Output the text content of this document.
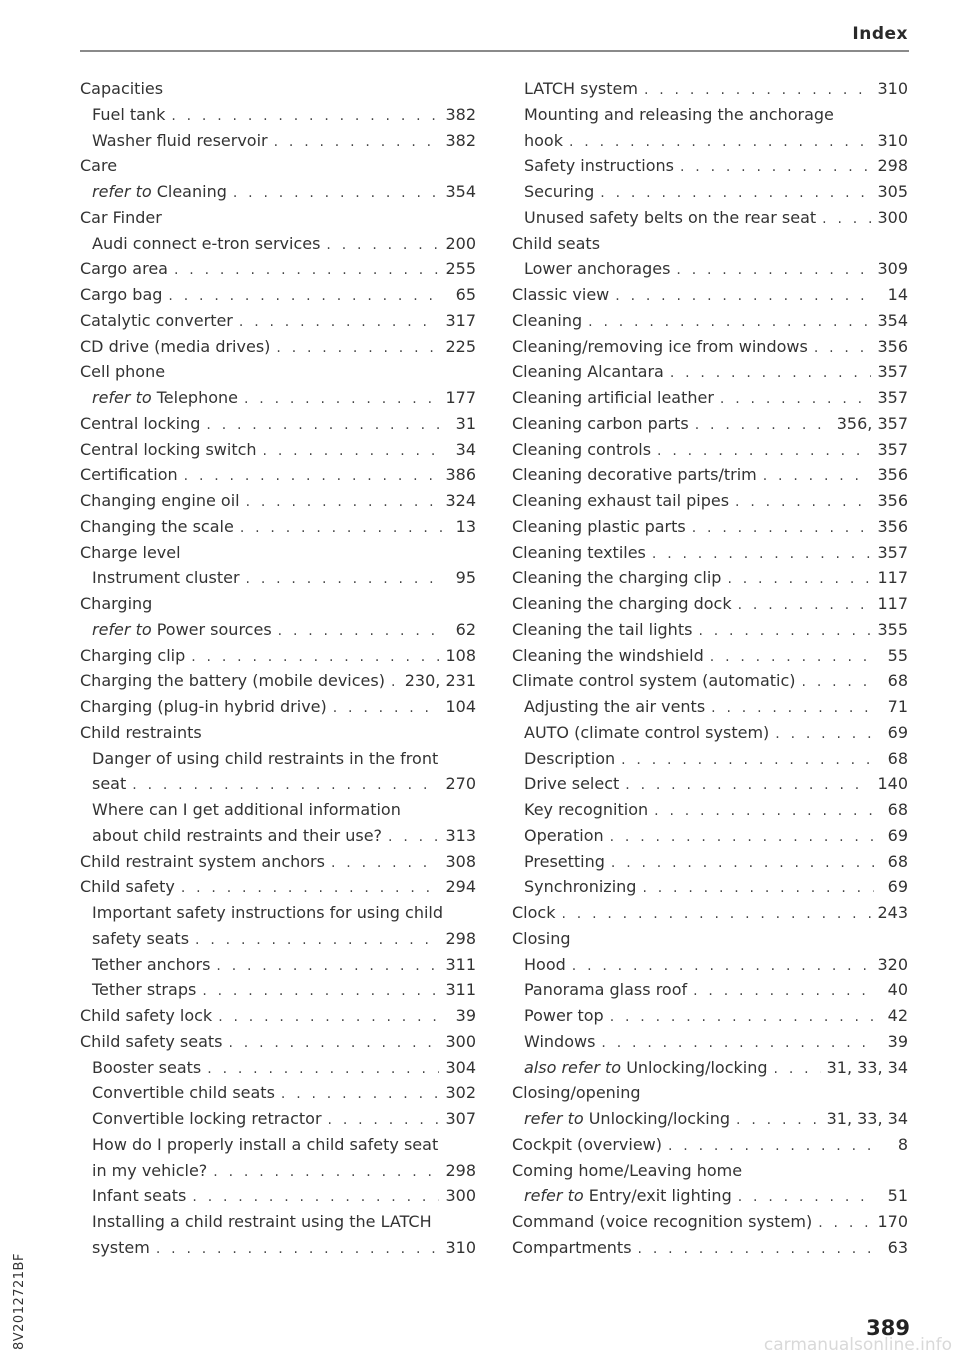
Index
Capacities
Fuel tank . . .	382
Washer fluid reservoir . . .	382
Care
refer to Cleaning . . .	354
Car Finder
Audi connect e-tron services . . .	200
Cargo area . . .	255
Cargo bag . . .	65
Catalytic converter . . .	317
CD drive (media drives) . . .	225
Cell phone
refer to Telephone . . .	177
Central locking . . .	31
Central locking switch . . .	34
Certification . . .	386
Changing engine oil . . .	324
Changing the scale . . .	13
Charge level
Instrument cluster . . .	95
Charging
refer to Power sources . . .	62
Charging clip . . .	108
Charging the battery (mobile devices) . . . 230, 231
Charging (plug-in hybrid drive) . . .	104
Child restraints
Danger of using child restraints in the front
seat . . .	270
Where can I get additional information
about child restraints and their use? . . .	313
Child restraint system anchors . . .	308
Child safety . . .	294
Important safety instructions for using child
safety seats . . .	298
Tether anchors . . .	311
Tether straps . . .	311
Child safety lock . . .	39
Child safety seats . . .	300
Booster seats . . .	304
Convertible child seats . . .	302
Convertible locking retractor . . .	307
How do I properly install a child safety seat
in my vehicle? . . .	298
Infant seats . . .	300
Installing a child restraint using the LATCH
system . . .	310
LATCH system . . .	310
Mounting and releasing the anchorage
hook . . .	310
Safety instructions . . .	298
Securing . . .	305
Unused safety belts on the rear seat . . .	300
Child seats
Lower anchorages . . .	309
Classic view . . .	14
Cleaning . . .	354
Cleaning/removing ice from windows . . .	356
Cleaning Alcantara . . .	357
Cleaning artificial leather . . .	357
Cleaning carbon parts . . .	356, 357
Cleaning controls . . .	357
Cleaning decorative parts/trim . . .	356
Cleaning exhaust tail pipes . . .	356
Cleaning plastic parts . . .	356
Cleaning textiles . . .	357
Cleaning the charging clip . . .	117
Cleaning the charging dock . . .	117
Cleaning the tail lights . . .	355
Cleaning the windshield . . .	55
Climate control system (automatic) . . .	68
Adjusting the air vents . . .	71
AUTO (climate control system) . . .	69
Description . . .	68
Drive select . . .	140
Key recognition . . .	68
Operation . . .	69
Presetting . . .	68
Synchronizing . . .	69
Clock . . .	243
Closing
Hood . . .	320
Panorama glass roof . . .	40
Power top . . .	42
Windows . . .	39
also refer to Unlocking/locking . . .	31, 33, 34
Closing/opening
refer to Unlocking/locking . . .	31, 33, 34
Cockpit (overview) . . .	8
Coming home/Leaving home
refer to Entry/exit lighting . . .	51
Command (voice recognition system) . . .	170
Compartments . . .	63
389
8V2012721BF	carmanualsonline.info
